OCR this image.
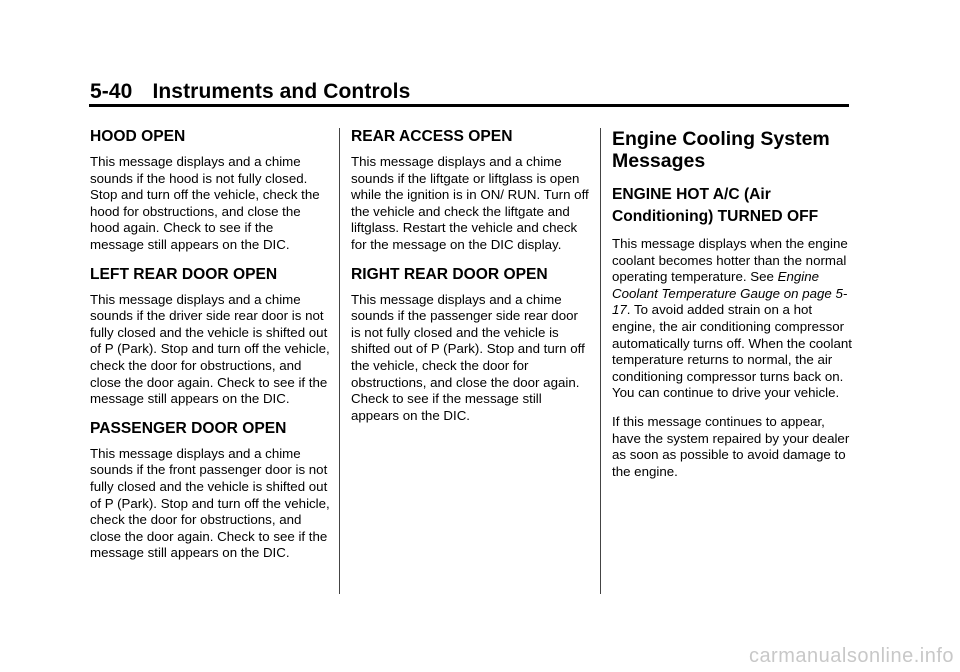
5-40 Instruments and Controls
HOOD OPEN

This message displays and a chime sounds if the hood is not fully closed. Stop and turn off the vehicle, check the hood for obstructions, and close the hood again. Check to see if the message still appears on the DIC.

LEFT REAR DOOR OPEN

This message displays and a chime sounds if the driver side rear door is not fully closed and the vehicle is shifted out of P (Park). Stop and turn off the vehicle, check the door for obstructions, and close the door again. Check to see if the message still appears on the DIC.

PASSENGER DOOR OPEN

This message displays and a chime sounds if the front passenger door is not fully closed and the vehicle is shifted out of P (Park). Stop and turn off the vehicle, check the door for obstructions, and close the door again. Check to see if the message still appears on the DIC.

REAR ACCESS OPEN

This message displays and a chime sounds if the liftgate or liftglass is open while the ignition is in ON/ RUN. Turn off the vehicle and check the liftgate and liftglass. Restart the vehicle and check for the message on the DIC display.

RIGHT REAR DOOR OPEN

This message displays and a chime sounds if the passenger side rear door is not fully closed and the vehicle is shifted out of P (Park). Stop and turn off the vehicle, check the door for obstructions, and close the door again. Check to see if the message still appears on the DIC.

Engine Cooling System Messages
ENGINE HOT A/C (Air Conditioning) TURNED OFF

This message displays when the engine coolant becomes hotter than the normal operating temperature. See Engine Coolant Temperature Gauge on page 5-17. To avoid added strain on a hot engine, the air conditioning compressor automatically turns off. When the coolant temperature returns to normal, the air conditioning compressor turns back on. You can continue to drive your vehicle.

If this message continues to appear, have the system repaired by your dealer as soon as possible to avoid damage to the engine.

carmanualsonline.info
